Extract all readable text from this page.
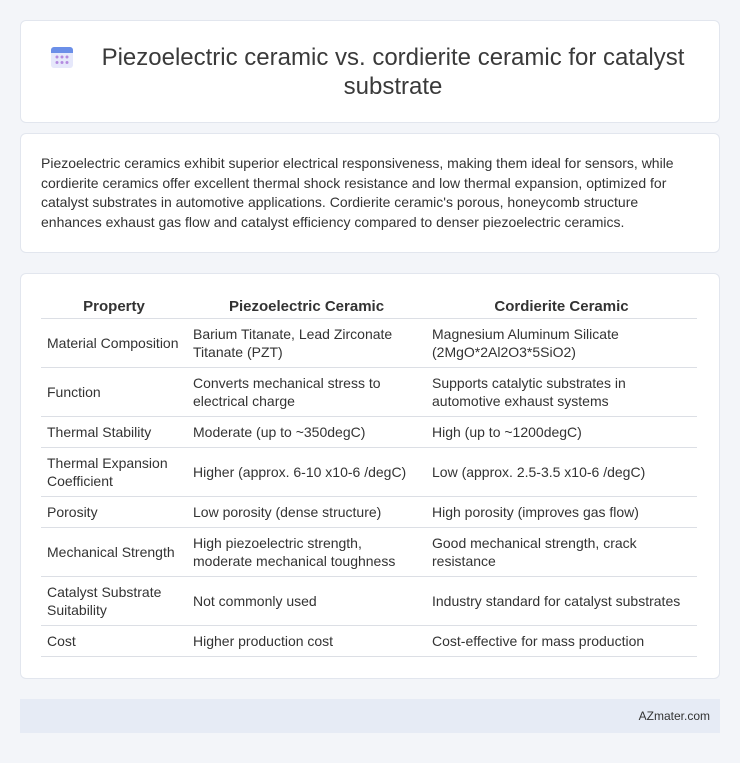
Piezoelectric ceramic vs. cordierite ceramic for catalyst substrate

Piezoelectric ceramics exhibit superior electrical responsiveness, making them ideal for sensors, while cordierite ceramics offer excellent thermal shock resistance and low thermal expansion, optimized for catalyst substrates in automotive applications. Cordierite ceramic's porous, honeycomb structure enhances exhaust gas flow and catalyst efficiency compared to denser piezoelectric ceramics.

Property	Piezoelectric Ceramic	Cordierite Ceramic
Material Composition	Barium Titanate, Lead Zirconate Titanate (PZT)	Magnesium Aluminum Silicate (2MgO*2Al2O3*5SiO2)
Function	Converts mechanical stress to electrical charge	Supports catalytic substrates in automotive exhaust systems
Thermal Stability	Moderate (up to ~350degC)	High (up to ~1200degC)
Thermal Expansion Coefficient	Higher (approx. 6-10 x10-6 /degC)	Low (approx. 2.5-3.5 x10-6 /degC)
Porosity	Low porosity (dense structure)	High porosity (improves gas flow)
Mechanical Strength	High piezoelectric strength, moderate mechanical toughness	Good mechanical strength, crack resistance
Catalyst Substrate Suitability	Not commonly used	Industry standard for catalyst substrates
Cost	Higher production cost	Cost-effective for mass production
AZmater.com
